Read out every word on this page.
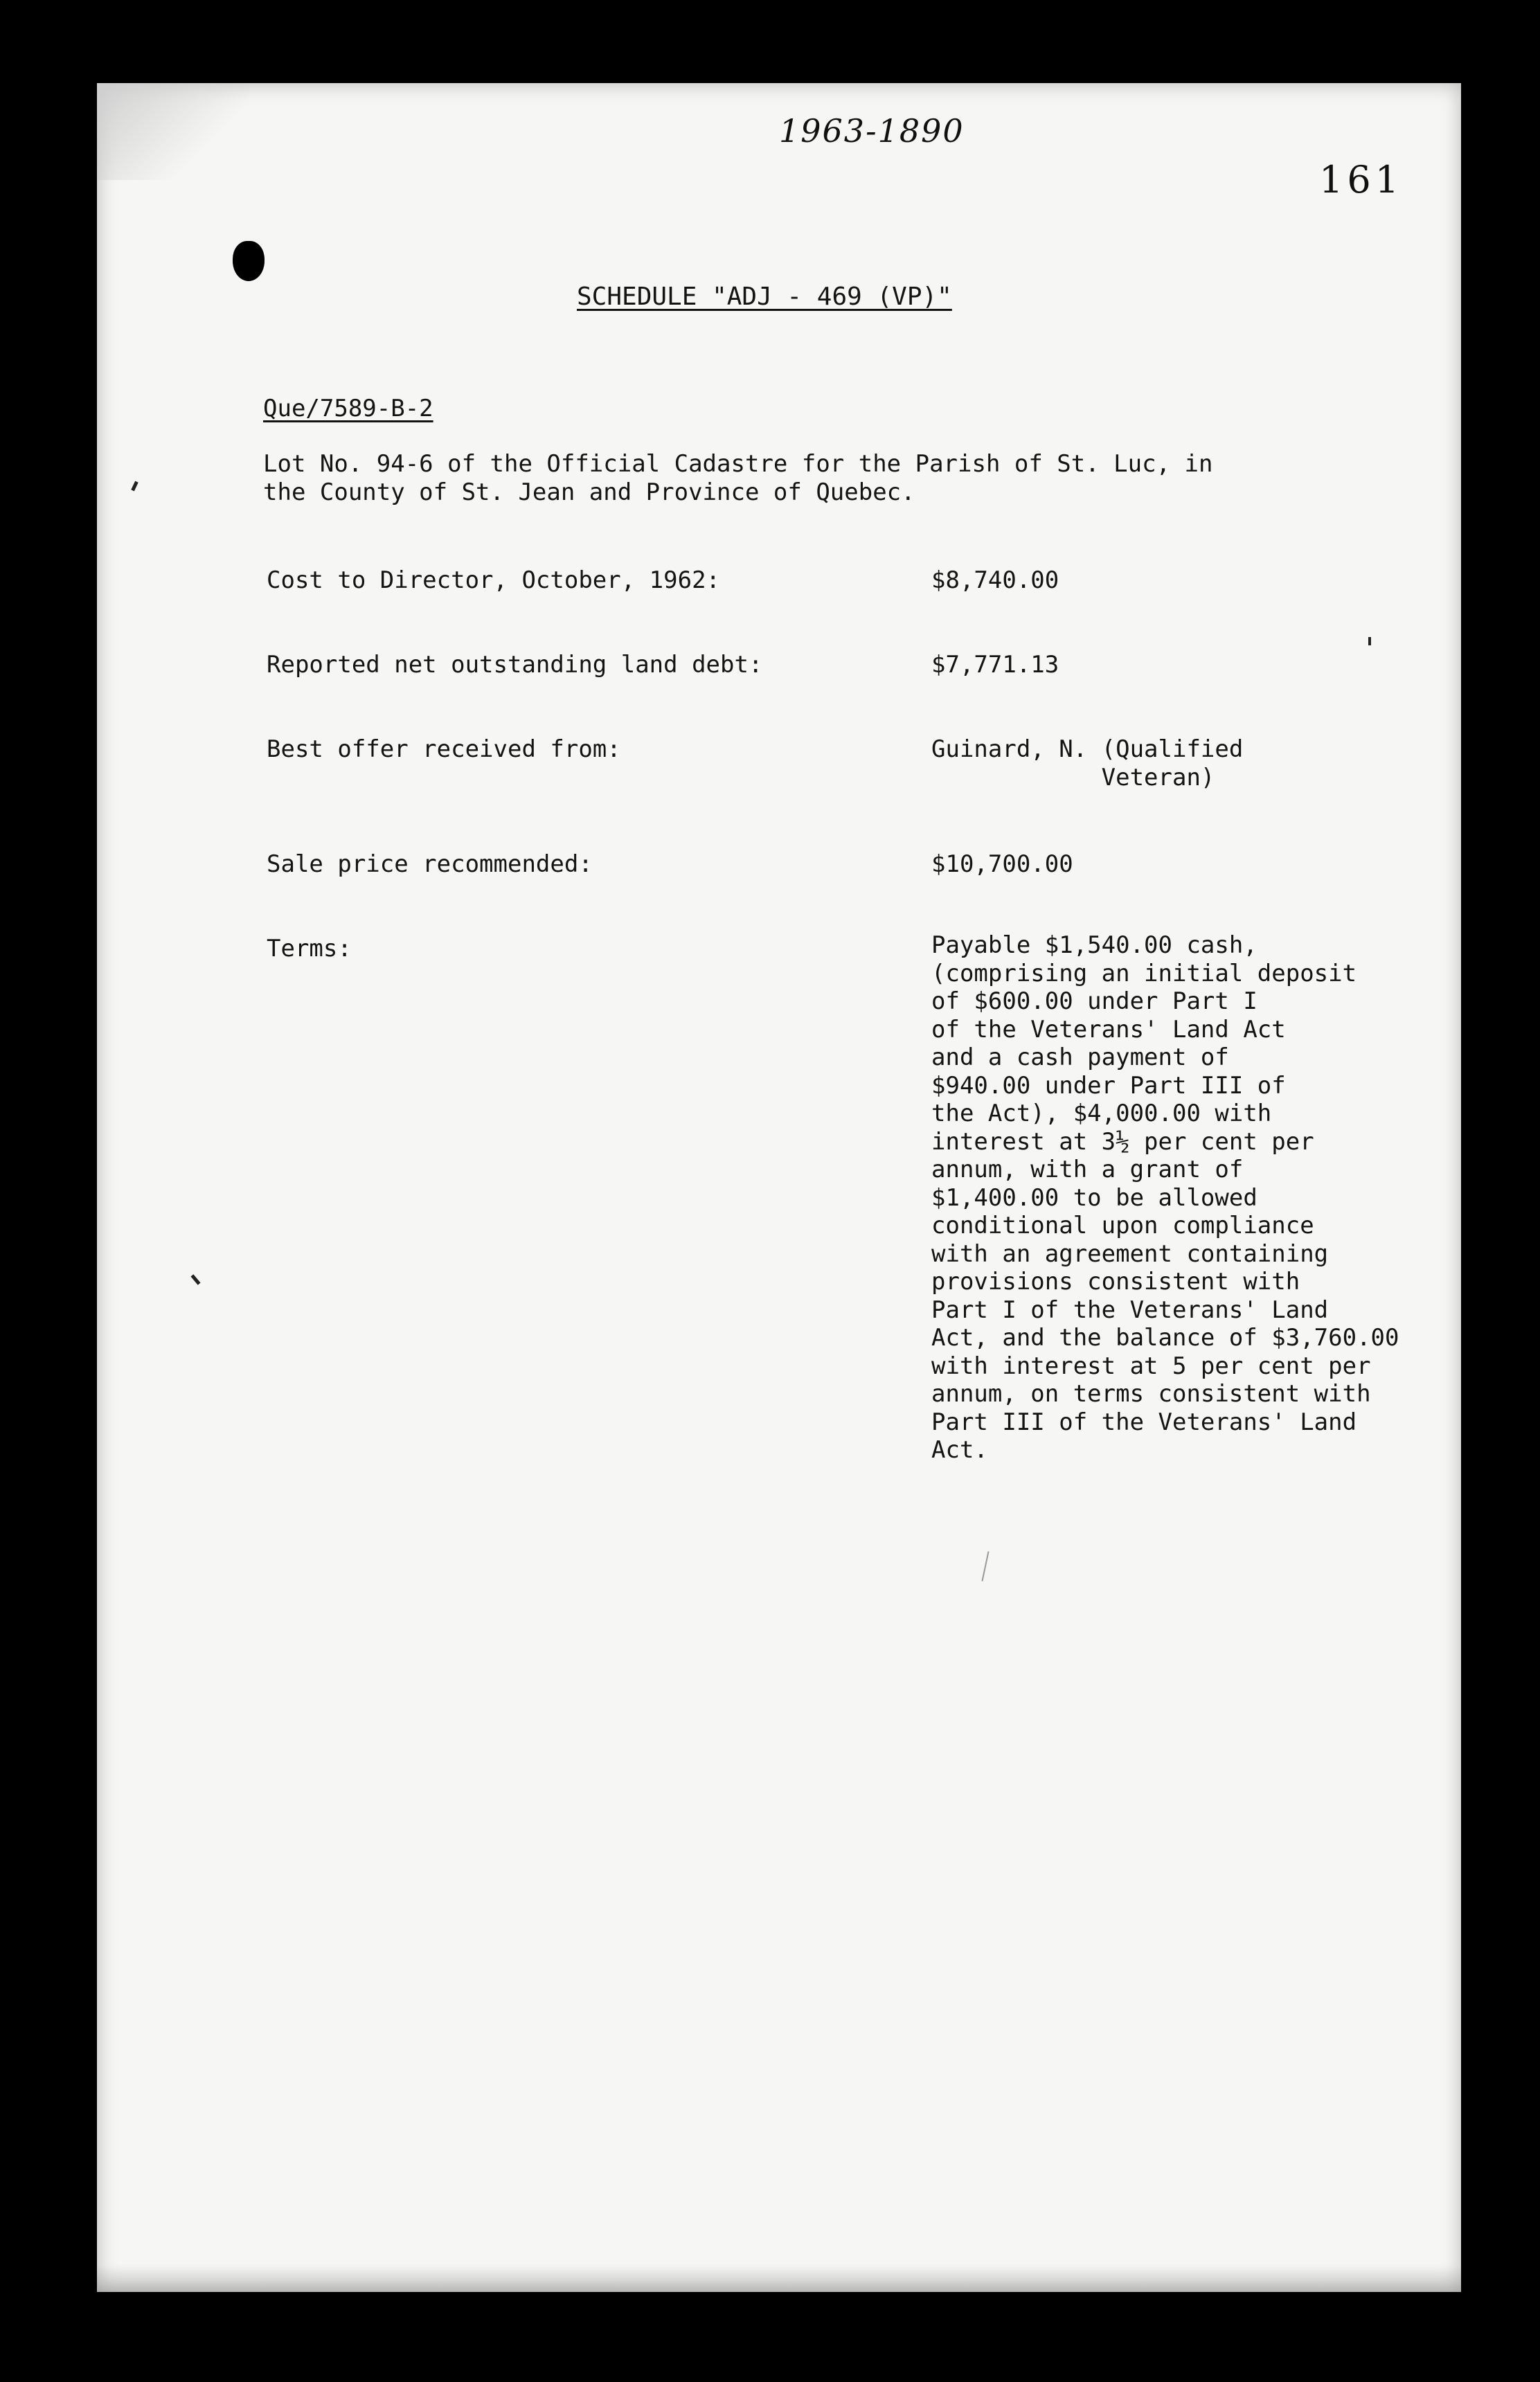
1963-1890
161
SCHEDULE "ADJ - 469 (VP)"
Que/7589-B-2
Lot No. 94-6 of the Official Cadastre for the Parish of St. Luc, in
the County of St. Jean and Province of Quebec.
Cost to Director, October, 1962:	$8,740.00
Reported net outstanding land debt:	$7,771.13
Best offer received from:	Guinard, N. (Qualified
Veteran)
Sale price recommended:	$10,700.00
Terms:	Payable $1,540.00 cash,
(comprising an initial deposit
of $600.00 under Part I
of the Veterans' Land Act
and a cash payment of
$940.00 under Part III of
the Act), $4,000.00 with
interest at 3½ per cent per
annum, with a grant of
$1,400.00 to be allowed
conditional upon compliance
with an agreement containing
provisions consistent with
Part I of the Veterans' Land
Act, and the balance of $3,760.00
with interest at 5 per cent per
annum, on terms consistent with
Part III of the Veterans' Land
Act.
